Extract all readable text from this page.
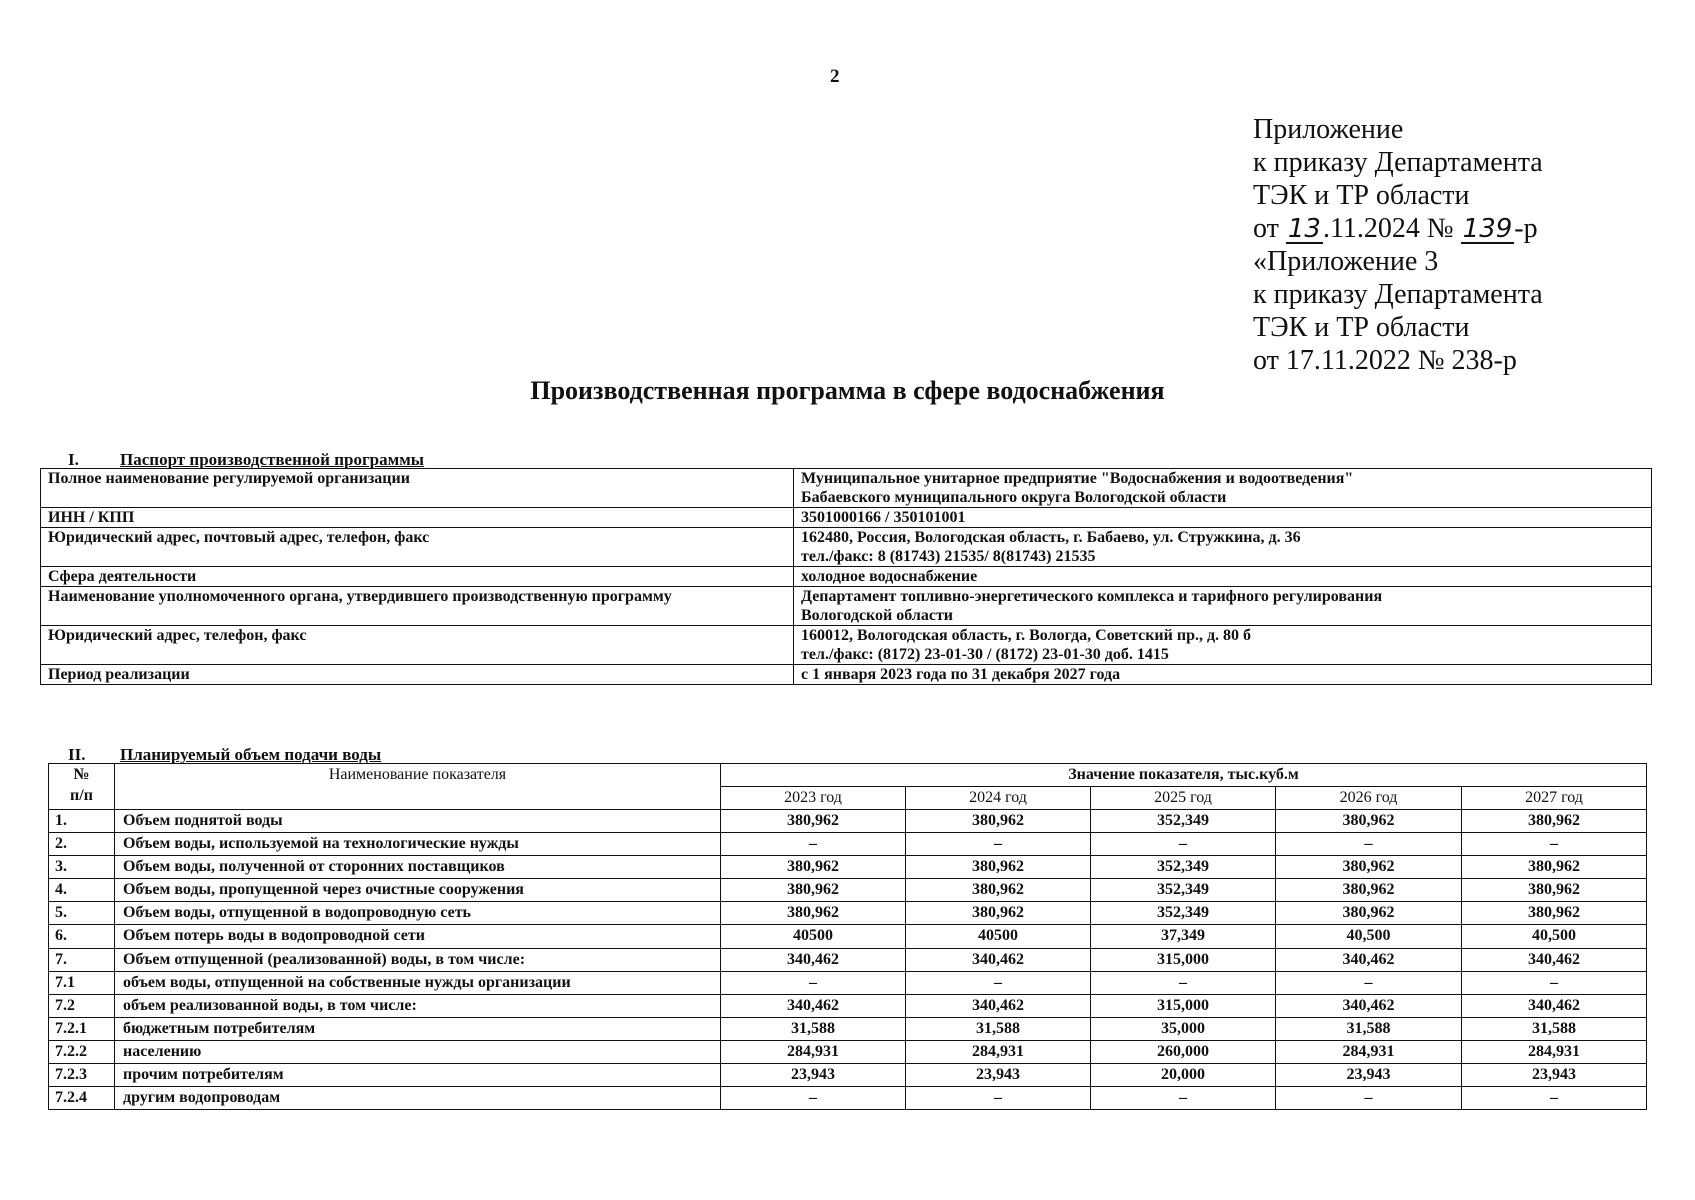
2
Приложение
к приказу Департамента
ТЭК и ТР области
от 13.11.2024 № 139-р
«Приложение 3
к приказу Департамента
ТЭК и ТР области
от 17.11.2022 № 238-р
Производственная программа в сфере водоснабжения
I. Паспорт производственной программы
Полное наименование регулируемой организации	Муниципальное унитарное предприятие "Водоснабжения и водоотведения"
Бабаевского муниципального округа Вологодской области

ИНН / КПП	3501000166 / 350101001

Юридический адрес, почтовый адрес, телефон, факс	162480, Россия, Вологодская область, г. Бабаево, ул. Стружкина, д. 36
тел./факс: 8 (81743) 21535/ 8(81743) 21535

Сфера деятельности	холодное водоснабжение

Наименование уполномоченного органа, утвердившего производственную программу	Департамент топливно-энергетического комплекса и тарифного регулирования
Вологодской области

Юридический адрес, телефон, факс	160012, Вологодская область, г. Вологда, Советский пр., д. 80 б
тел./факс: (8172) 23-01-30 / (8172) 23-01-30 доб. 1415

Период реализации	с 1 января 2023 года по 31 декабря 2027 года
II. Планируемый объем подачи воды
№
п/п	Наименование показателя	Значение показателя, тыс.куб.м				
		2023 год	2024 год	2025 год	2026 год	2027 год
1.	Объем поднятой воды	380,962	380,962	352,349	380,962	380,962
2.	Объем воды, используемой на технологические нужды	–	–	–	–	–
3.	Объем воды, полученной от сторонних поставщиков	380,962	380,962	352,349	380,962	380,962
4.	Объем воды, пропущенной через очистные сооружения	380,962	380,962	352,349	380,962	380,962
5.	Объем воды, отпущенной в водопроводную сеть	380,962	380,962	352,349	380,962	380,962
6.	Объем потерь воды в водопроводной сети	40500	40500	37,349	40,500	40,500
7.	Объем отпущенной (реализованной) воды, в том числе:	340,462	340,462	315,000	340,462	340,462
7.1	объем воды, отпущенной на собственные нужды организации	–	–	–	–	–
7.2	объем реализованной воды, в том числе:	340,462	340,462	315,000	340,462	340,462
7.2.1	бюджетным потребителям	31,588	31,588	35,000	31,588	31,588
7.2.2	населению	284,931	284,931	260,000	284,931	284,931
7.2.3	прочим потребителям	23,943	23,943	20,000	23,943	23,943
7.2.4	другим водопроводам	–	–	–	–	–
